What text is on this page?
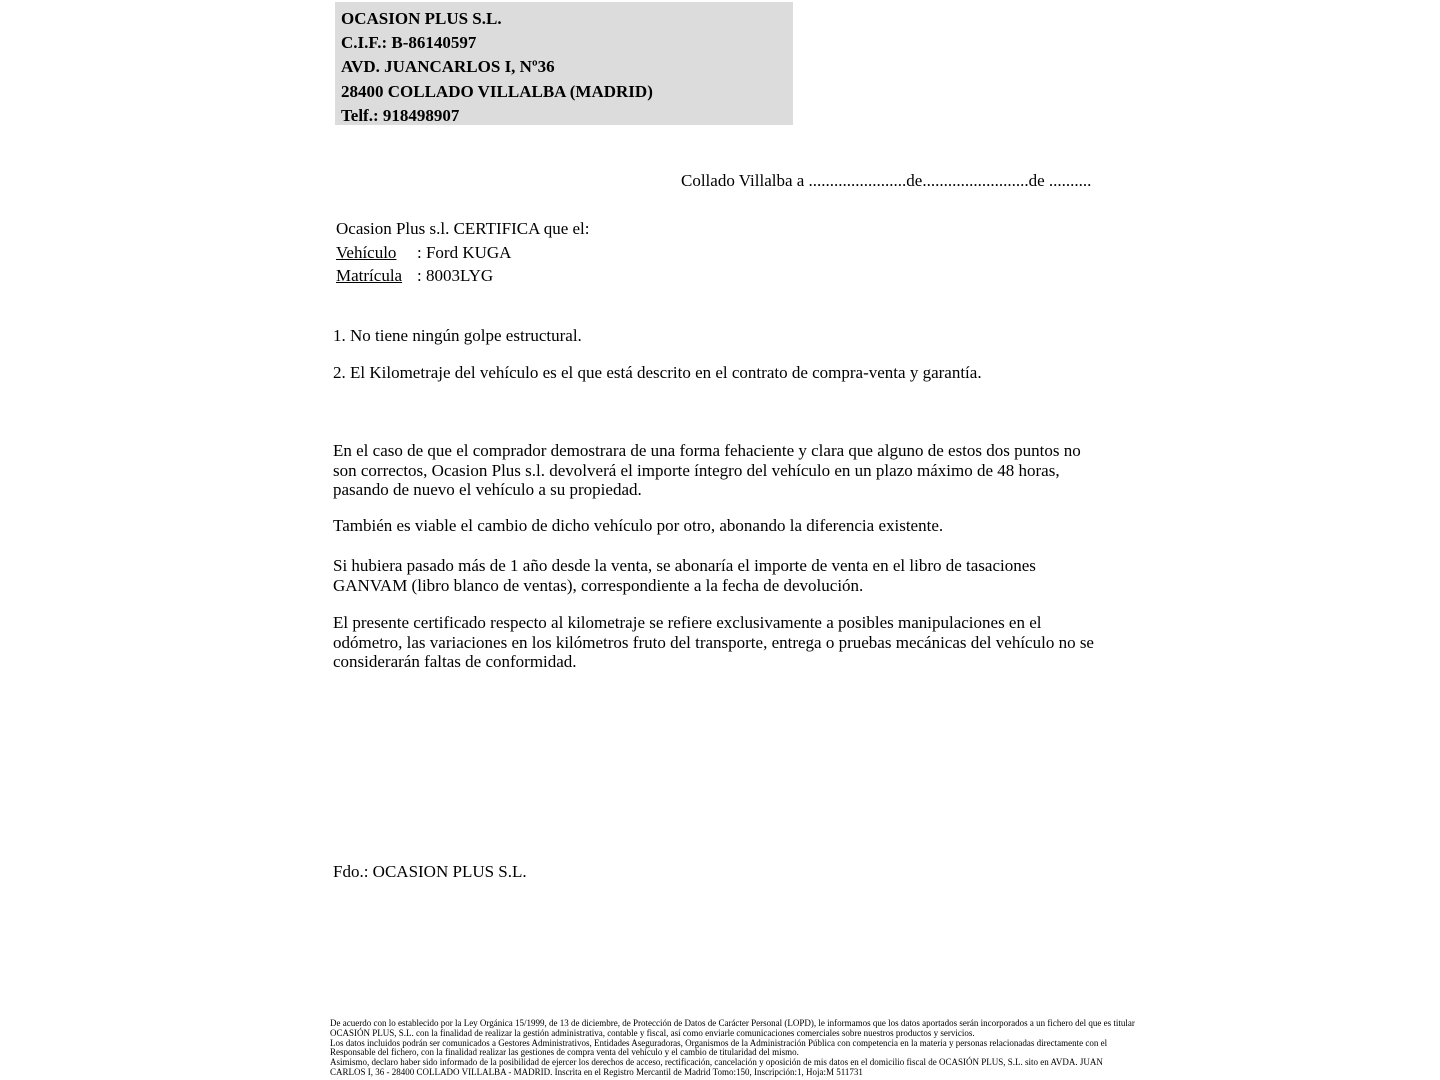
OCASION PLUS S.L.
C.I.F.: B-86140597
AVD. JUANCARLOS I, Nº36
28400 COLLADO VILLALBA (MADRID)
Telf.: 918498907
Collado Villalba a .......................de.........................de ..........
Ocasion Plus s.l. CERTIFICA que el:
Vehículo : Ford KUGA
Matrícula : 8003LYG
1. No tiene ningún golpe estructural.
2. El Kilometraje del vehículo es el que está descrito en el contrato de compra-venta y garantía.
En el caso de que el comprador demostrara de una forma fehaciente y clara que alguno de estos dos puntos no son correctos, Ocasion Plus s.l. devolverá el importe íntegro del vehículo en un plazo máximo de 48 horas, pasando de nuevo el vehículo a su propiedad.
También es viable el cambio de dicho vehículo por otro, abonando la diferencia existente.
Si hubiera pasado más de 1 año desde la venta, se abonaría el importe de venta en el libro de tasaciones GANVAM (libro blanco de ventas), correspondiente a la fecha de devolución.
El presente certificado respecto al kilometraje se refiere exclusivamente a posibles manipulaciones en el odómetro, las variaciones en los kilómetros fruto del transporte, entrega o pruebas mecánicas del vehículo no se considerarán faltas de conformidad.
Fdo.: OCASION PLUS S.L.
De acuerdo con lo establecido por la Ley Orgánica 15/1999, de 13 de diciembre, de Protección de Datos de Carácter Personal (LOPD), le informamos que los datos aportados serán incorporados a un fichero del que es titular
OCASIÓN PLUS, S.L. con la finalidad de realizar la gestión administrativa, contable y fiscal, así como enviarle comunicaciones comerciales sobre nuestros productos y servicios.
Los datos incluidos podrán ser comunicados a Gestores Administrativos, Entidades Aseguradoras, Organismos de la Administración Pública con competencia en la materia y personas relacionadas directamente con el
Responsable del fichero, con la finalidad realizar las gestiones de compra venta del vehículo y el cambio de titularidad del mismo.
Asimismo, declaro haber sido informado de la posibilidad de ejercer los derechos de acceso, rectificación, cancelación y oposición de mis datos en el domicilio fiscal de OCASIÓN PLUS, S.L. sito en AVDA. JUAN
CARLOS I, 36 - 28400 COLLADO VILLALBA - MADRID. Inscrita en el Registro Mercantil de Madrid Tomo:150, Inscripción:1, Hoja:M 511731
